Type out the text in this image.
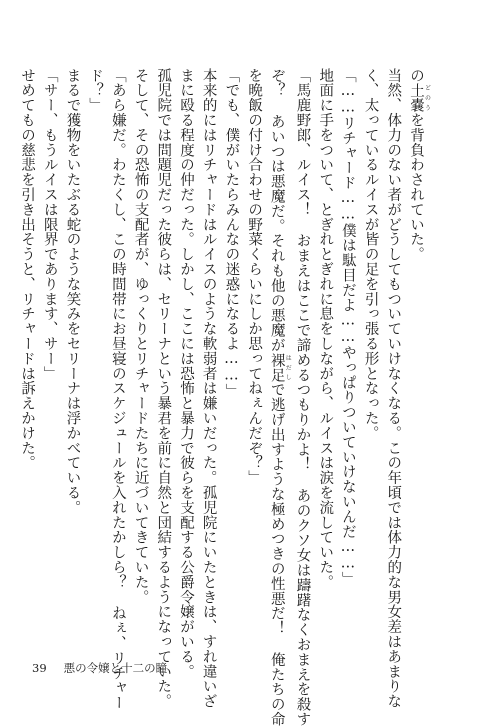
の土嚢 どのうを背負わされていた。
当然、体力のない者がどうしてもついていけなくなる。この年頃では体力的な男女差はあまりな
く、太っているルイスが皆の足を引っ張る形となった。
「……リチャード……僕は駄目だよ……やっぱりついていけないんだ……」
地面に手をついて、とぎれとぎれに息をしながら、ルイスは涙を流していた。
「馬鹿野郎、ルイス！ おまえはここで諦めるつもりかよ！ あのクソ女は躊躇なくおまえを殺す
ぞ？ あいつは悪魔だ。それも他の悪魔が裸足 はだしで逃げ出すような極めつきの性悪だ！ 俺たちの命
を晩飯の付け合わせの野菜くらいにしか思ってねぇんだぞ？」
「でも、僕がいたらみんなの迷惑になるよ……」
本来的にはリチャードはルイスのような軟弱者は嫌いだった。孤児院にいたときは、すれ違いざ
まに殴る程度の仲だった。しかし、ここには恐怖と暴力で彼らを支配する公爵令嬢がいる。
孤児院では問題児だった彼らは、セリーナという暴君を前に自然と団結するようになっていた。
そして、その恐怖の支配者が、ゆっくりとリチャードたちに近づいてきていた。
「あら嫌だ。わたくし、この時間帯にお昼寝のスケジュールを入れたかしら？ ねぇ、リチャー
ド？」
まるで獲物をいたぶる蛇のような笑みをセリーナは浮かべている。
「サー、もうルイスは限界であります、サー」
せめてもの慈悲を引き出そうと、リチャードは訴えかけた。
39 悪の令嬢と十二の瞳
